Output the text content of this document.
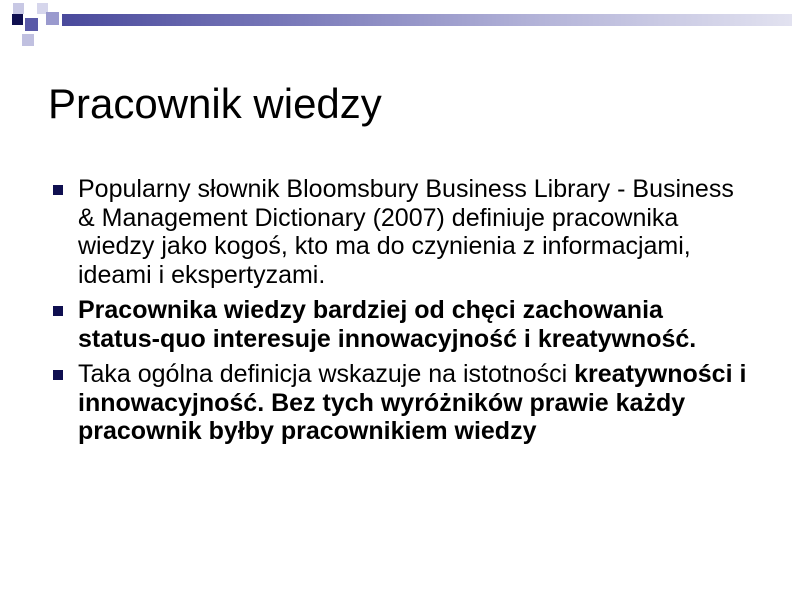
Pracownik wiedzy
Popularny słownik Bloomsbury Business Library - Business & Management Dictionary (2007) definiuje pracownika wiedzy jako kogoś, kto ma do czynienia z informacjami, ideami i ekspertyzami.
Pracownika wiedzy bardziej od chęci zachowania status-quo interesuje innowacyjność i kreatywność.
Taka ogólna definicja wskazuje na istotności kreatywności i innowacyjność. Bez tych wyróżników prawie każdy pracownik byłby pracownikiem wiedzy
